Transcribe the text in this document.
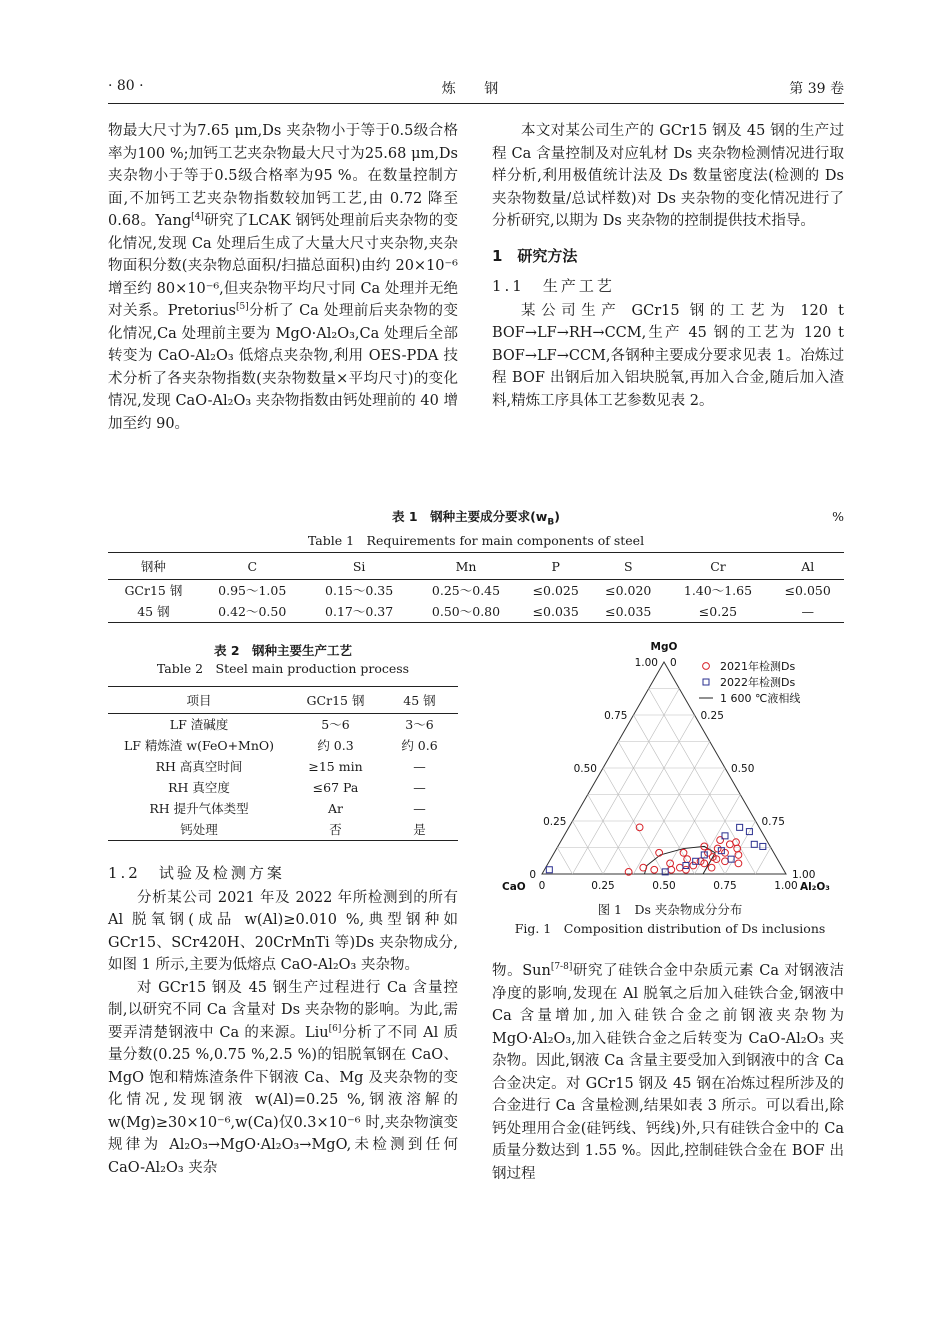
· 80 ·	炼 钢	第 39 卷

物最大尺寸为7.65 μm,Ds 夹杂物小于等于0.5级合格率为100 %;加钙工艺夹杂物最大尺寸为25.68 μm,Ds 夹杂物小于等于0.5级合格率为95 %。在数量控制方面,不加钙工艺夹杂物指数较加钙工艺,由 0.72 降至 0.68。Yang[4]研究了LCAK 钢钙处理前后夹杂物的变化情况,发现 Ca 处理后生成了大量大尺寸夹杂物,夹杂物面积分数(夹杂物总面积/扫描总面积)由约 20×10⁻⁶ 增至约 80×10⁻⁶,但夹杂物平均尺寸同 Ca 处理并无绝对关系。Pretorius[5]分析了 Ca 处理前后夹杂物的变化情况,Ca 处理前主要为 MgO·Al₂O₃,Ca 处理后全部转变为 CaO-Al₂O₃ 低熔点夹杂物,利用 OES-PDA 技术分析了各夹杂物指数(夹杂物数量×平均尺寸)的变化情况,发现 CaO-Al₂O₃ 夹杂物指数由钙处理前的 40 增加至约 90。

本文对某公司生产的 GCr15 钢及 45 钢的生产过程 Ca 含量控制及对应轧材 Ds 夹杂物检测情况进行取样分析,利用极值统计法及 Ds 数量密度法(检测的 Ds 夹杂物数量/总试样数)对 Ds 夹杂物的变化情况进行了分析研究,以期为 Ds 夹杂物的控制提供技术指导。

1　研究方法
1.1　生产工艺

某公司生产 GCr15 钢的工艺为 120 t BOF→LF→RH→CCM,生产 45 钢的工艺为 120 t BOF→LF→CCM,各钢种主要成分要求见表 1。冶炼过程 BOF 出钢后加入铝块脱氧,再加入合金,随后加入渣料,精炼工序具体工艺参数见表 2。

表 1　钢种主要成分要求$(w_B)$
Table 1　Requirements for main components of steel
%
钢种	C	Si	Mn	P	S	Cr	Al
GCr15 钢	0.95～1.05	0.15～0.35	0.25～0.45	≤0.025	≤0.020	1.40～1.65	≤0.050
45 钢	0.42～0.50	0.17～0.37	0.50～0.80	≤0.035	≤0.035	≤0.25	—
表 2　钢种主要生产工艺
Table 2　Steel main production process
项目	GCr15 钢	45 钢
LF 渣碱度	5～6	3～6
LF 精炼渣 w(FeO+MnO)	约 0.3	约 0.6
RH 高真空时间	≥15 min	—
RH 真空度	≤67 Pa	—
RH 提升气体类型	Ar	—
钙处理	否	是
1.2　试验及检测方案

分析某公司 2021 年及 2022 年所检测到的所有 Al 脱氧钢(成品 w(Al)≥0.010 %,典型钢种如 GCr15、SCr420H、20CrMnTi 等)Ds 夹杂物成分,如图 1 所示,主要为低熔点 CaO-Al₂O₃ 夹杂物。

对 GCr15 钢及 45 钢生产过程进行 Ca 含量控制,以研究不同 Ca 含量对 Ds 夹杂物的影响。为此,需要弄清楚钢液中 Ca 的来源。Liu[6]分析了不同 Al 质量分数(0.25 %,0.75 %,2.5 %)的铝脱氧钢在 CaO、MgO 饱和精炼渣条件下钢液 Ca、Mg 及夹杂物的变化情况,发现钢液 w(Al)=0.25 %,钢液溶解的 w(Mg)≥30×10⁻⁶,w(Ca)仅0.3×10⁻⁶ 时,夹杂物演变规律为 Al₂O₃→MgO·Al₂O₃→MgO,未检测到任何 CaO-Al₂O₃ 夹杂

MgO
CaO	Al₂O₃
0	0.25	0.50	0.75	1.00
1.00
0.75
0.50
0.25
0	1.00
0.75
0.50
0.25
0	2021年检测Ds
2022年检测Ds
1 600 ℃液相线
图 1　Ds 夹杂物成分分布
Fig. 1　Composition distribution of Ds inclusions

物。Sun[7-8]研究了硅铁合金中杂质元素 Ca 对钢液洁净度的影响,发现在 Al 脱氧之后加入硅铁合金,钢液中 Ca 含量增加,加入硅铁合金之前钢液夹杂物为 MgO·Al₂O₃,加入硅铁合金之后转变为 CaO-Al₂O₃ 夹杂物。因此,钢液 Ca 含量主要受加入到钢液中的含 Ca 合金决定。对 GCr15 钢及 45 钢在冶炼过程所涉及的合金进行 Ca 含量检测,结果如表 3 所示。可以看出,除钙处理用合金(硅钙线、钙线)外,只有硅铁合金中的 Ca 质量分数达到 1.55 %。因此,控制硅铁合金在 BOF 出钢过程
